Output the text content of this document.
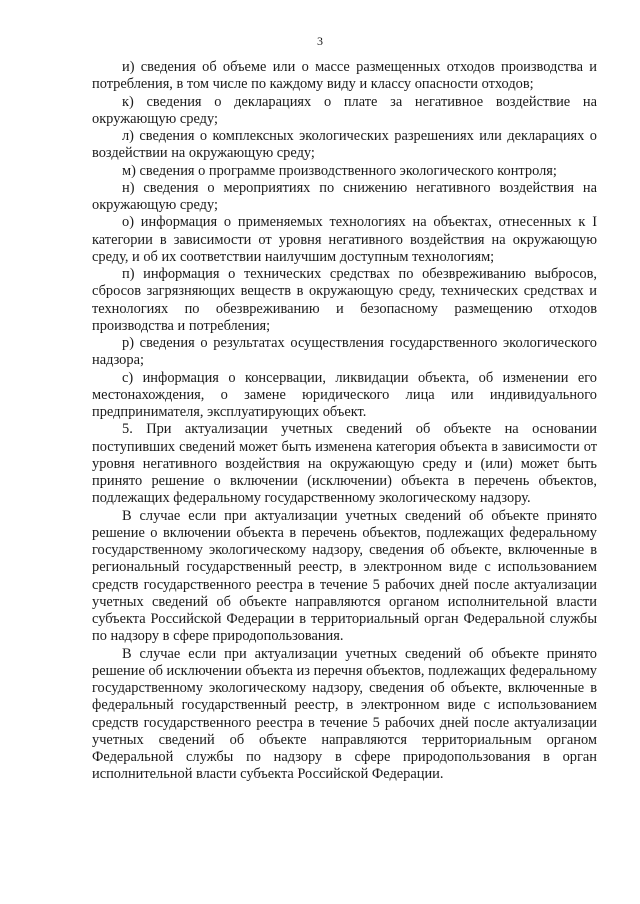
3

и) сведения об объеме или о массе размещенных отходов производства и потребления, в том числе по каждому виду и классу опасности отходов;

к) сведения о декларациях о плате за негативное воздействие на окружающую среду;

л) сведения о комплексных экологических разрешениях или декларациях о воздействии на окружающую среду;

м) сведения о программе производственного экологического контроля;

н) сведения о мероприятиях по снижению негативного воздействия на окружающую среду;

о) информация о применяемых технологиях на объектах, отнесенных к I категории в зависимости от уровня негативного воздействия на окружающую среду, и об их соответствии наилучшим доступным технологиям;

п) информация о технических средствах по обезвреживанию выбросов, сбросов загрязняющих веществ в окружающую среду, технических средствах и технологиях по обезвреживанию и безопасному размещению отходов производства и потребления;

р) сведения о результатах осуществления государственного экологического надзора;

с) информация о консервации, ликвидации объекта, об изменении его местонахождения, о замене юридического лица или индивидуального предпринимателя, эксплуатирующих объект.

5. При актуализации учетных сведений об объекте на основании поступивших сведений может быть изменена категория объекта в зависимости от уровня негативного воздействия на окружающую среду и (или) может быть принято решение о включении (исключении) объекта в перечень объектов, подлежащих федеральному государственному экологическому надзору.

В случае если при актуализации учетных сведений об объекте принято решение о включении объекта в перечень объектов, подлежащих федеральному государственному экологическому надзору, сведения об объекте, включенные в региональный государственный реестр, в электронном виде с использованием средств государственного реестра в течение 5 рабочих дней после актуализации учетных сведений об объекте направляются органом исполнительной власти субъекта Российской Федерации в территориальный орган Федеральной службы по надзору в сфере природопользования.

В случае если при актуализации учетных сведений об объекте принято решение об исключении объекта из перечня объектов, подлежащих федеральному государственному экологическому надзору, сведения об объекте, включенные в федеральный государственный реестр, в электронном виде с использованием средств государственного реестра в течение 5 рабочих дней после актуализации учетных сведений об объекте направляются территориальным органом Федеральной службы по надзору в сфере природопользования в орган исполнительной власти субъекта Российской Федерации.
